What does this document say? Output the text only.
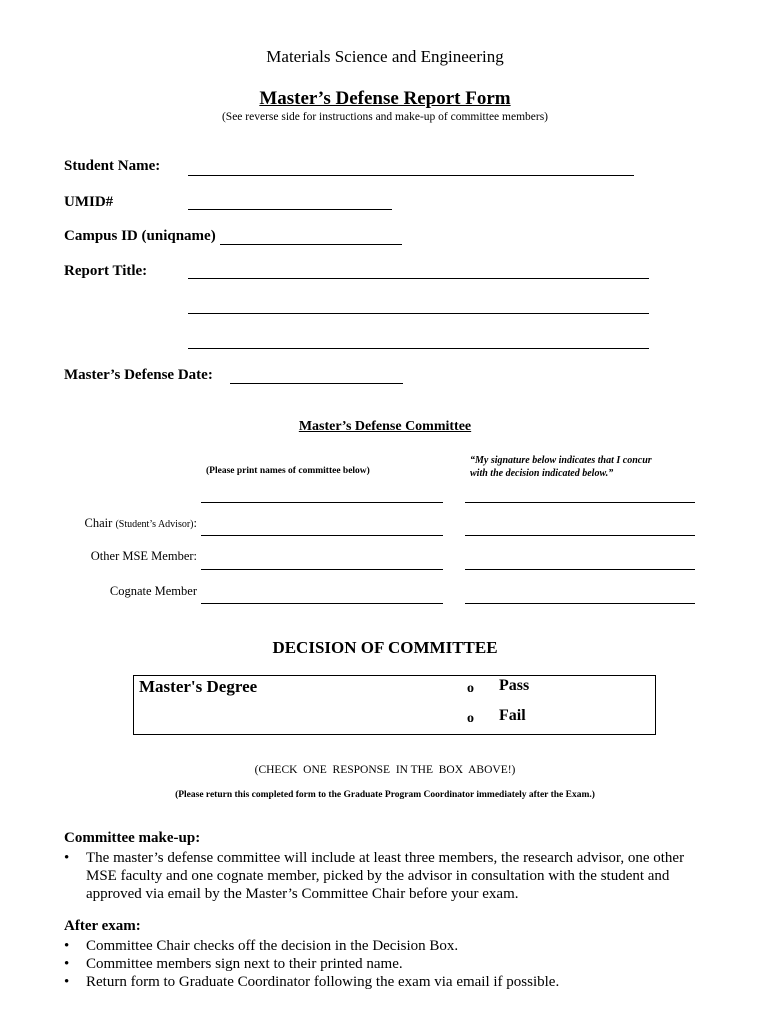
Materials Science and Engineering
Master’s Defense Report Form
(See reverse side for instructions and make-up of committee members)
Student Name:
UMID#
Campus ID (uniqname)
Report Title:
Master’s Defense Date:
Master’s Defense Committee
(Please print names of committee below)
“My signature below indicates that I concur
with the decision indicated below.”
Chair (Student’s Advisor):
Other MSE Member:
Cognate Member
DECISION OF COMMITTEE
Master's Degree	o Pass
o Fail
(CHECK  ONE  RESPONSE  IN THE  BOX  ABOVE!)
(Please return this completed form to the Graduate Program Coordinator immediately after the Exam.)
Committee make-up:
• The master’s defense committee will include at least three members, the research advisor, one other MSE faculty and one cognate member, picked by the advisor in consultation with the student and approved via email by the Master’s Committee Chair before your exam.
After exam:
• Committee Chair checks off the decision in the Decision Box.
• Committee members sign next to their printed name.
• Return form to Graduate Coordinator following the exam via email if possible.
